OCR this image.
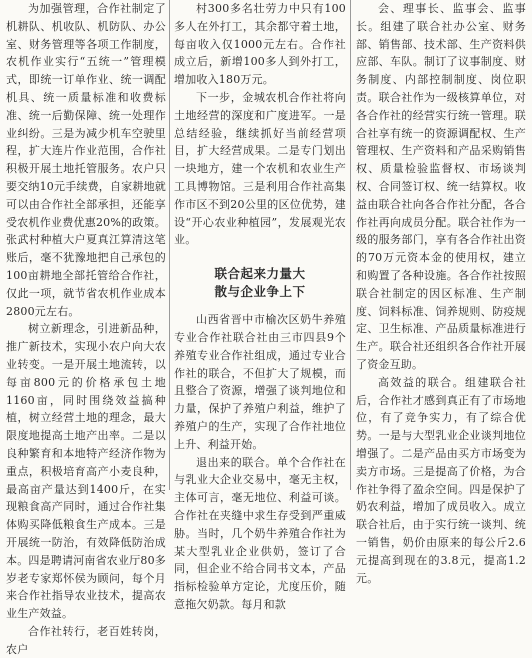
为加强管理，合作社制定了机耕队、机收队、机防队、办公室、财务管理等各项工作制度，农机作业实行“五统一”管理模式，即统一订单作业、统一调配机具、统一质量标准和收费标准、统一后勤保障、统一处理作业纠纷。三是为减少机车空驶里程，扩大连片作业范围，合作社积极开展土地托管服务。农户只要交纳10元手续费，自家耕地就可以由合作社全部承担，还能享受农机作业费优惠20%的政策。张武村种植大户夏真江算清这笔账后，毫不犹豫地把自己承包的100亩耕地全部托管给合作社，仅此一项，就节省农机作业成本2800元左右。

树立新理念，引进新品种，推广新技术，实现小农户向大农业转变。一是开展土地流转，以每亩800元的价格承包土地1160亩，同时围绕效益搞种植，树立经营土地的理念，最大限度地提高土地产出率。二是以良种繁育和本地特产经济作物为重点，积极培育高产小麦良种，最高亩产量达到1400斤，在实现粮食高产同时，通过合作社集体购买降低粮食生产成本。三是开展统一防治，有效降低防治成本。四是聘请河南省农业厅80多岁老专家郑怀侯为顾问，每个月来合作社指导农业技术，提高农业生产效益。

合作社转行，老百姓转岗，农户

村300多名壮劳力中只有100多人在外打工，其余都守着土地，每亩收入仅1000元左右。合作社成立后，新增100多人到外打工，增加收入180万元。

下一步，金城农机合作社将向土地经营的深度和广度进军。一是总结经验，继续抓好当前经营项目，扩大经营成果。二是专门划出一块地方，建一个农机和农业生产工具博物馆。三是利用合作社高集作市区不到20公里的区位优势，建设“开心农业种植园”，发展观光农业。

联合起来力量大
散与企业争上下

山西省晋中市榆次区奶牛养殖专业合作社联合社由三市四县9个养殖专业合作社组成，通过专业合作社的联合，不但扩大了规模，而且整合了资源，增强了谈判地位和力量，保护了养殖户利益，维护了养殖户的生产，实现了合作社地位上升、利益开始。

退出来的联合。单个合作社在与乳业大企业交易中，毫无主权，主体可言，毫无地位、利益可谈。合作社在夹缝中求生存受到严重威胁。当时，几个奶牛养殖合作社为某大型乳业企业供奶，签订了合同，但企业不给合同书文本，产品指标检验单方定论，尤度压价，随意拖欠奶款。每月和款

会、理事长、监事会、监事长。组建了联合社办公室、财务部、销售部、技术部、生产资料供应部、车队。制订了议事制度、财务制度、内部控制制度、岗位职责。联合社作为一级核算单位，对各合作社的经营实行统一管理。联合社享有统一的资源调配权、生产管理权、生产资料和产品采购销售权、质量检验监督权、市场谈判权、合同签订权、统一结算权。收益由联合社向各合作社分配，各合作社再向成员分配。联合社作为一级的服务部门，享有各合作社出资的70万元资本金的使用权，建立和购置了各种设施。各合作社按照联合社制定的因区标准、生产制度、饲料标准、饲养规则、防疫规定、卫生标准、产品质量标准进行生产。联合社还组织各合作社开展了资金互助。

高效益的联合。组建联合社后，合作社才感到真正有了市场地位，有了竞争实力，有了综合优势。一是与大型乳业企业谈判地位增强了。二是产品由买方市场变为卖方市场。三是提高了价格，为合作社争得了盈余空间。四是保护了奶农利益，增加了成员收入。成立联合社后，由于实行统一谈判、统一销售，奶价由原来的每公斤2.6元提高到现在的3.8元，提高1.2元。
